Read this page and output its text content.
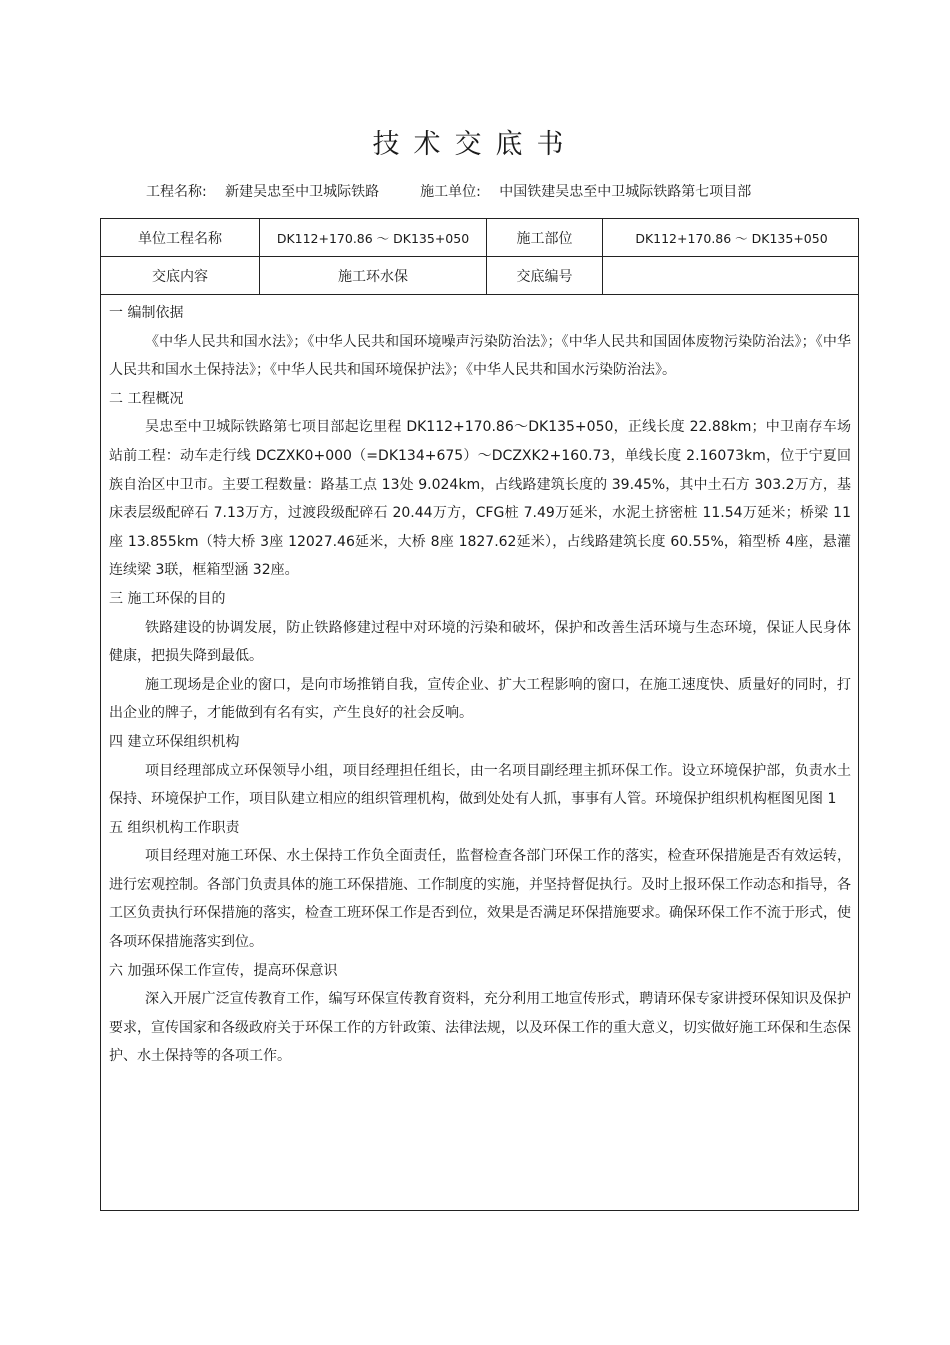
技术交底书
工程名称: 新建吴忠至中卫城际铁路	施工单位: 中国铁建吴忠至中卫城际铁路第七项目部
单位工程名称	DK112+170.86 ～ DK135+050	施工部位	DK112+170.86 ～ DK135+050
交底内容	施工环水保	交底编号

一 编制依据

《中华人民共和国水法》；《中华人民共和国环境噪声污染防治法》；《中华人民共和国固体废物污染防治法》；《中华人民共和国水土保持法》；《中华人民共和国环境保护法》；《中华人民共和国水污染防治法》。

二 工程概况

吴忠至中卫城际铁路第七项目部起讫里程 DK112+170.86～DK135+050，正线长度 22.88km；中卫南存车场站前工程：动车走行线 DCZXK0+000（=DK134+675）～DCZXK2+160.73，单线长度 2.16073km，位于宁夏回族自治区中卫市。主要工程数量：路基工点 13处 9.024km，占线路建筑长度的 39.45%，其中土石方 303.2万方，基床表层级配碎石 7.13万方，过渡段级配碎石 20.44万方，CFG桩 7.49万延米，水泥土挤密桩 11.54万延米；桥梁 11座 13.855km（特大桥 3座 12027.46延米，大桥 8座 1827.62延米），占线路建筑长度 60.55%，箱型桥 4座，悬灌连续梁 3联，框箱型涵 32座。

三 施工环保的目的

铁路建设的协调发展，防止铁路修建过程中对环境的污染和破坏，保护和改善生活环境与生态环境，保证人民身体健康，把损失降到最低。

施工现场是企业的窗口，是向市场推销自我，宣传企业、扩大工程影响的窗口，在施工速度快、质量好的同时，打出企业的牌子，才能做到有名有实，产生良好的社会反响。

四 建立环保组织机构

项目经理部成立环保领导小组，项目经理担任组长，由一名项目副经理主抓环保工作。设立环境保护部，负责水土保持、环境保护工作，项目队建立相应的组织管理机构，做到处处有人抓，事事有人管。环境保护组织机构框图见图 1

五 组织机构工作职责

项目经理对施工环保、水土保持工作负全面责任，监督检查各部门环保工作的落实，检查环保措施是否有效运转，进行宏观控制。各部门负责具体的施工环保措施、工作制度的实施，并坚持督促执行。及时上报环保工作动态和指导，各工区负责执行环保措施的落实，检查工班环保工作是否到位，效果是否满足环保措施要求。确保环保工作不流于形式，使各项环保措施落实到位。

六 加强环保工作宣传，提高环保意识

深入开展广泛宣传教育工作，编写环保宣传教育资料，充分利用工地宣传形式，聘请环保专家讲授环保知识及保护要求，宣传国家和各级政府关于环保工作的方针政策、法律法规，以及环保工作的重大意义，切实做好施工环保和生态保护、水土保持等的各项工作。
